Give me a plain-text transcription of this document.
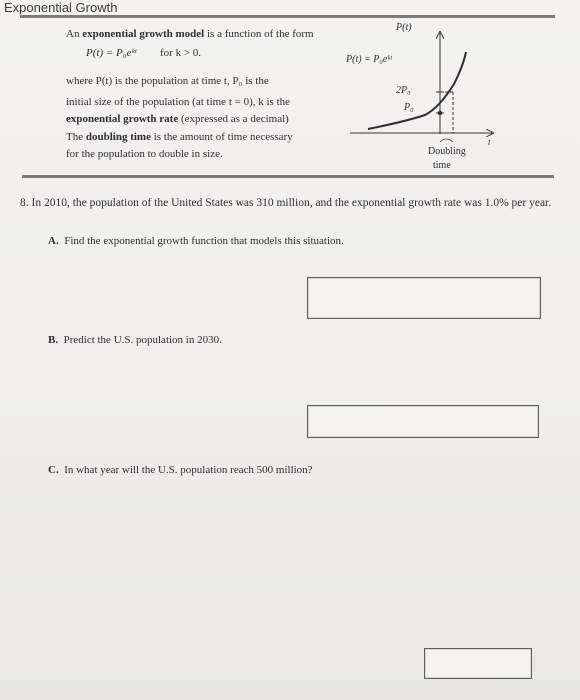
Exponential Growth
An exponential growth model is a function of the form
P(t) = P₀eᵏᵗ for k > 0.
where P(t) is the population at time t, P₀ is the
initial size of the population (at time t = 0), k is the
exponential growth rate (expressed as a decimal)
The doubling time is the amount of time necessary
for the population to double in size.
P(t)
P(t) = P₀eᵏᵗ
2P₀
P₀
t
Doubling
time
8. In 2010, the population of the United States was 310 million, and the exponential growth rate was 1.0% per year.
A. Find the exponential growth function that models this situation.
B. Predict the U.S. population in 2030.
C. In what year will the U.S. population reach 500 million?
